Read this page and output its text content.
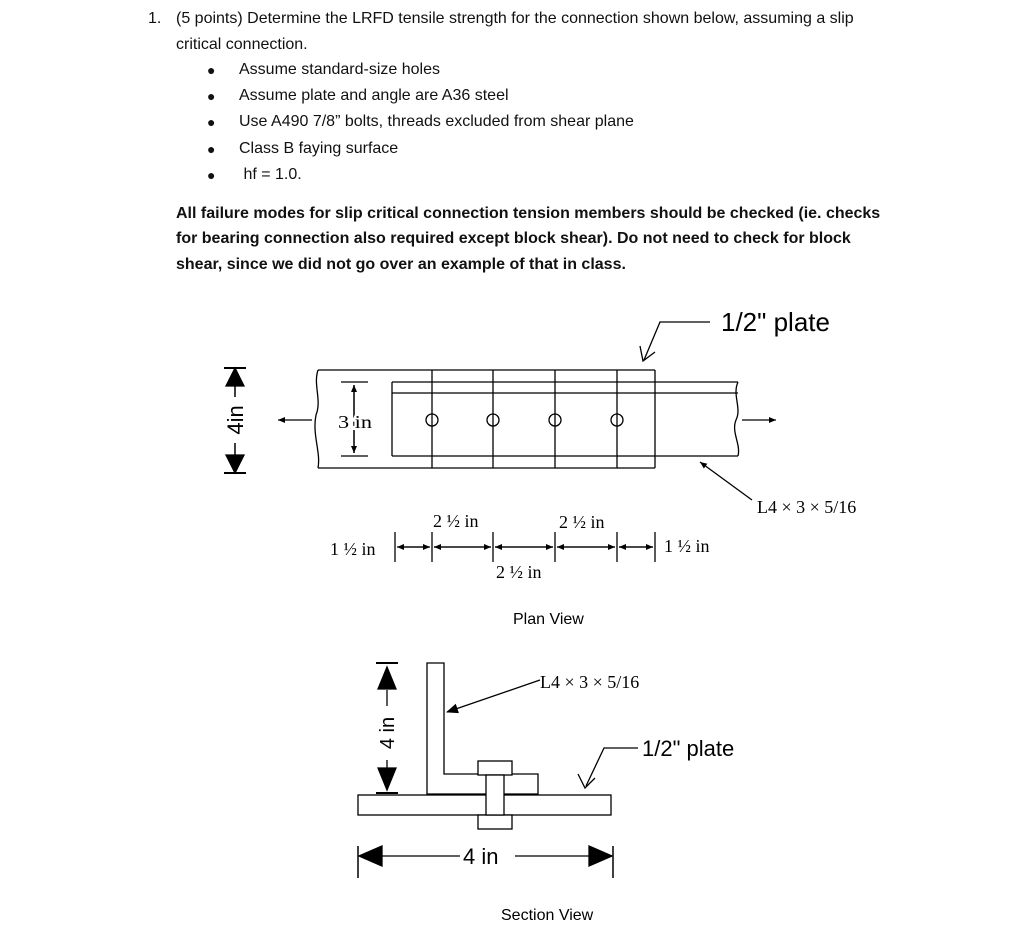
1. (5 points) Determine the LRFD tensile strength for the connection shown below, assuming a slip
critical connection.
● Assume standard-size holes
● Assume plate and angle are A36 steel
● Use A490 7/8” bolts, threads excluded from shear plane
● Class B faying surface
● hf = 1.0.
All failure modes for slip critical connection tension members should be checked (ie. checks
for bearing connection also required except block shear). Do not need to check for block
shear, since we did not go over an example of that in class.
1/2" plate
L4 × 3 × 5/16
3 in
4in
1 ½ in
2 ½ in
2 ½ in
2 ½ in
1 ½ in
Plan View
L4 × 3 × 5/16
1/2" plate
4 in
4 in
Section View
